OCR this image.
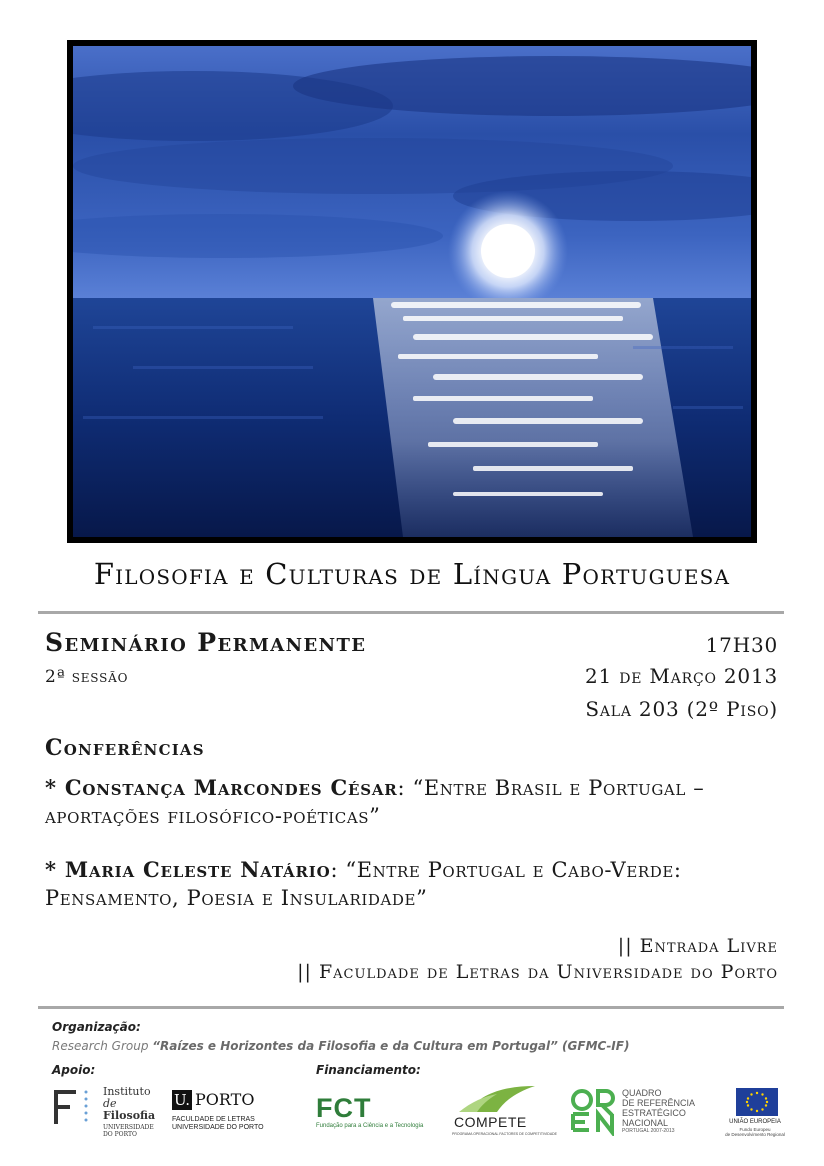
Filosofia e Culturas de Língua Portuguesa
Seminário Permanente
2ª sessão
17H30
21 de Março 2013
Sala 203 (2º Piso)
Conferências
* Constança Marcondes César: “Entre Brasil e Portugal – aportações filosófico-poéticas”
* Maria Celeste Natário: “Entre Portugal e Cabo-Verde: Pensamento, Poesia e Insularidade”
|| Entrada Livre
|| Faculdade de Letras da Universidade do Porto
Organização:
Research Group “Raízes e Horizontes da Filosofia e da Cultura em Portugal” (GFMC-IF)
Apoio:	Financiamento:
Instituto
de
Filosofia
UNIVERSIDADE
DO PORTO
U. PORTO
FACULDADE DE LETRAS
UNIVERSIDADE DO PORTO
FCT
Fundação para a Ciência e a Tecnologia COMPETE
PROGRAMA OPERACIONAL FACTORES DE COMPETITIVIDADE
QUADRO
DE REFERÊNCIA
ESTRATÉGICO
NACIONAL
PORTUGAL 2007-2013
UNIÃO EUROPEIA
Fundo Europeu
de Desenvolvimento Regional
